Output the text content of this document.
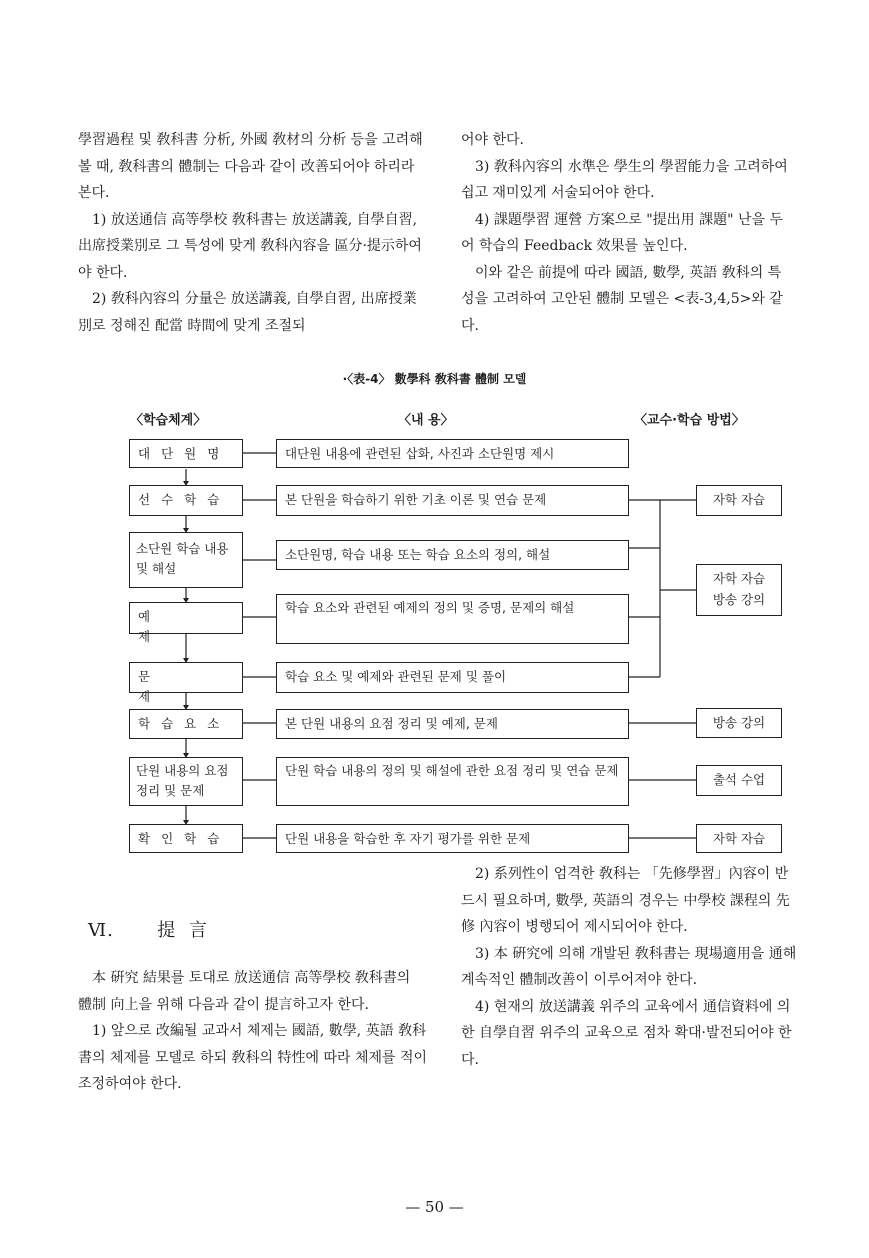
學習過程 및 敎科書 分析, 外國 敎材의 分析 등을 고려해 볼 때, 敎科書의 體制는 다음과 같이 改善되어야 하리라 본다.

1) 放送通信 高等學校 敎科書는 放送講義, 自學自習, 出席授業別로 그 특성에 맞게 敎科內容을 區分·提示하여야 한다.

2) 敎科內容의 分量은 放送講義, 自學自習, 出席授業別로 정해진 配當 時間에 맞게 조절되

어야 한다.

3) 敎科內容의 水準은 學生의 學習能力을 고려하여 쉽고 재미있게 서술되어야 한다.

4) 課題學習 運營 方案으로 "提出用 課題" 난을 두어 학습의 Feedback 效果를 높인다.

이와 같은 前提에 따라 國語, 數學, 英語 敎科의 특성을 고려하여 고안된 體制 모델은 <表-3,4,5>와 같다.

·〈表-4〉 數學科 敎科書 體制 모델
〈학습체계〉	〈내 용〉	〈교수·학습 방법〉
대단원명
선수학습
소단원 학습 내용 및 해설
예제
문제
학습요소
단원 내용의 요점 정리 및 문제
확인학습
대단원 내용에 관련된 삽화, 사진과 소단원명 제시
본 단원을 학습하기 위한 기초 이론 및 연습 문제
소단원명, 학습 내용 또는 학습 요소의 정의, 해설
학습 요소와 관련된 예제의 정의 및 증명, 문제의 해설
학습 요소 및 예제와 관련된 문제 및 풀이
본 단원 내용의 요점 정리 및 예제, 문제
단원 학습 내용의 정의 및 해설에 관한 요점 정리 및 연습 문제
단원 내용을 학습한 후 자기 평가를 위한 문제
자학 자습
자학 자습
방송 강의
방송 강의
출석 수업
자학 자습
Ⅵ. 提 言

本 硏究 結果를 토대로 放送通信 高等學校 敎科書의 體制 向上을 위해 다음과 같이 提言하고자 한다.

1) 앞으로 改編될 교과서 체제는 國語, 數學, 英語 敎科書의 체제를 모델로 하되 敎科의 特性에 따라 체제를 적이 조정하여야 한다.

2) 系列性이 엄격한 敎科는 「先修學習」內容이 반드시 필요하며, 數學, 英語의 경우는 中學校 課程의 先修 內容이 병행되어 제시되어야 한다.

3) 本 硏究에 의해 개발된 敎科書는 現場適用을 通해 계속적인 體制改善이 이루어져야 한다.

4) 현재의 放送講義 위주의 교육에서 通信資料에 의한 自學自習 위주의 교육으로 점차 확대·발전되어야 한다.

— 50 —
